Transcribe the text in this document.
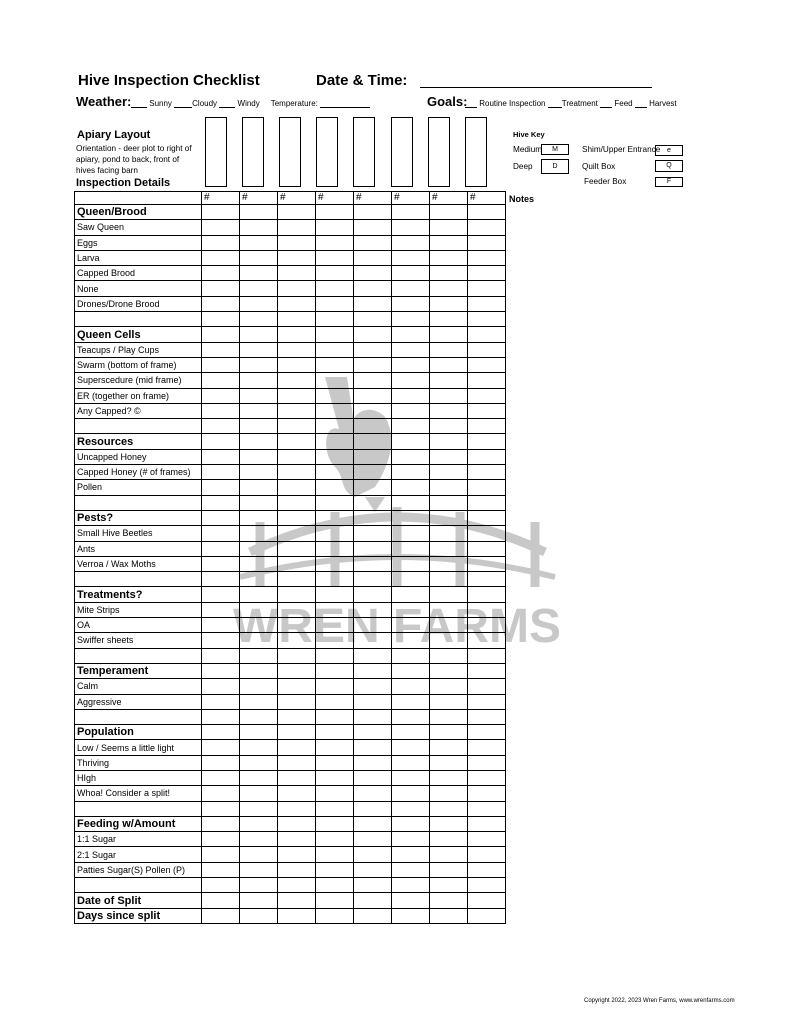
Hive Inspection Checklist	Date & Time:
Weather:	Sunny	Cloudy	Windy Temperature:	Goals:	Routine Inspection Treatment Feed Harvest
Apiary Layout
Orientation - deer plot to right of apiary, pond to back, front of hives facing barn
Inspection Details
Hive Key
Medium	M
Deep	D
Shim/Upper Entrance e
Quilt Box	Q
Feeder Box	F
Notes
WREN FARMS
	#	#	#	#	#	#	#	#
Queen/Brood								
Saw Queen								
Eggs								
Larva								
Capped Brood								
None								
Drones/Drone Brood								

Queen Cells								
Teacups / Play Cups								
Swarm (bottom of frame)								
Superscedure (mid frame)								
ER (together on frame)								
Any Capped? ©								

Resources								
Uncapped Honey								
Capped Honey (# of frames)								
Pollen								

Pests?								
Small Hive Beetles								
Ants								
Verroa / Wax Moths								

Treatments?								
Mite Strips								
OA								
Swiffer sheets								

Temperament								
Calm								
Aggressive								

Population								
Low / Seems a little light								
Thriving								
HIgh								
Whoa! Consider a split!								

Feeding w/Amount								
1:1 Sugar								
2:1 Sugar								
Patties Sugar(S) Pollen (P)								

Date of Split								
Days since split								
Copyright 2022, 2023 Wren Farms, www.wrenfarms.com
